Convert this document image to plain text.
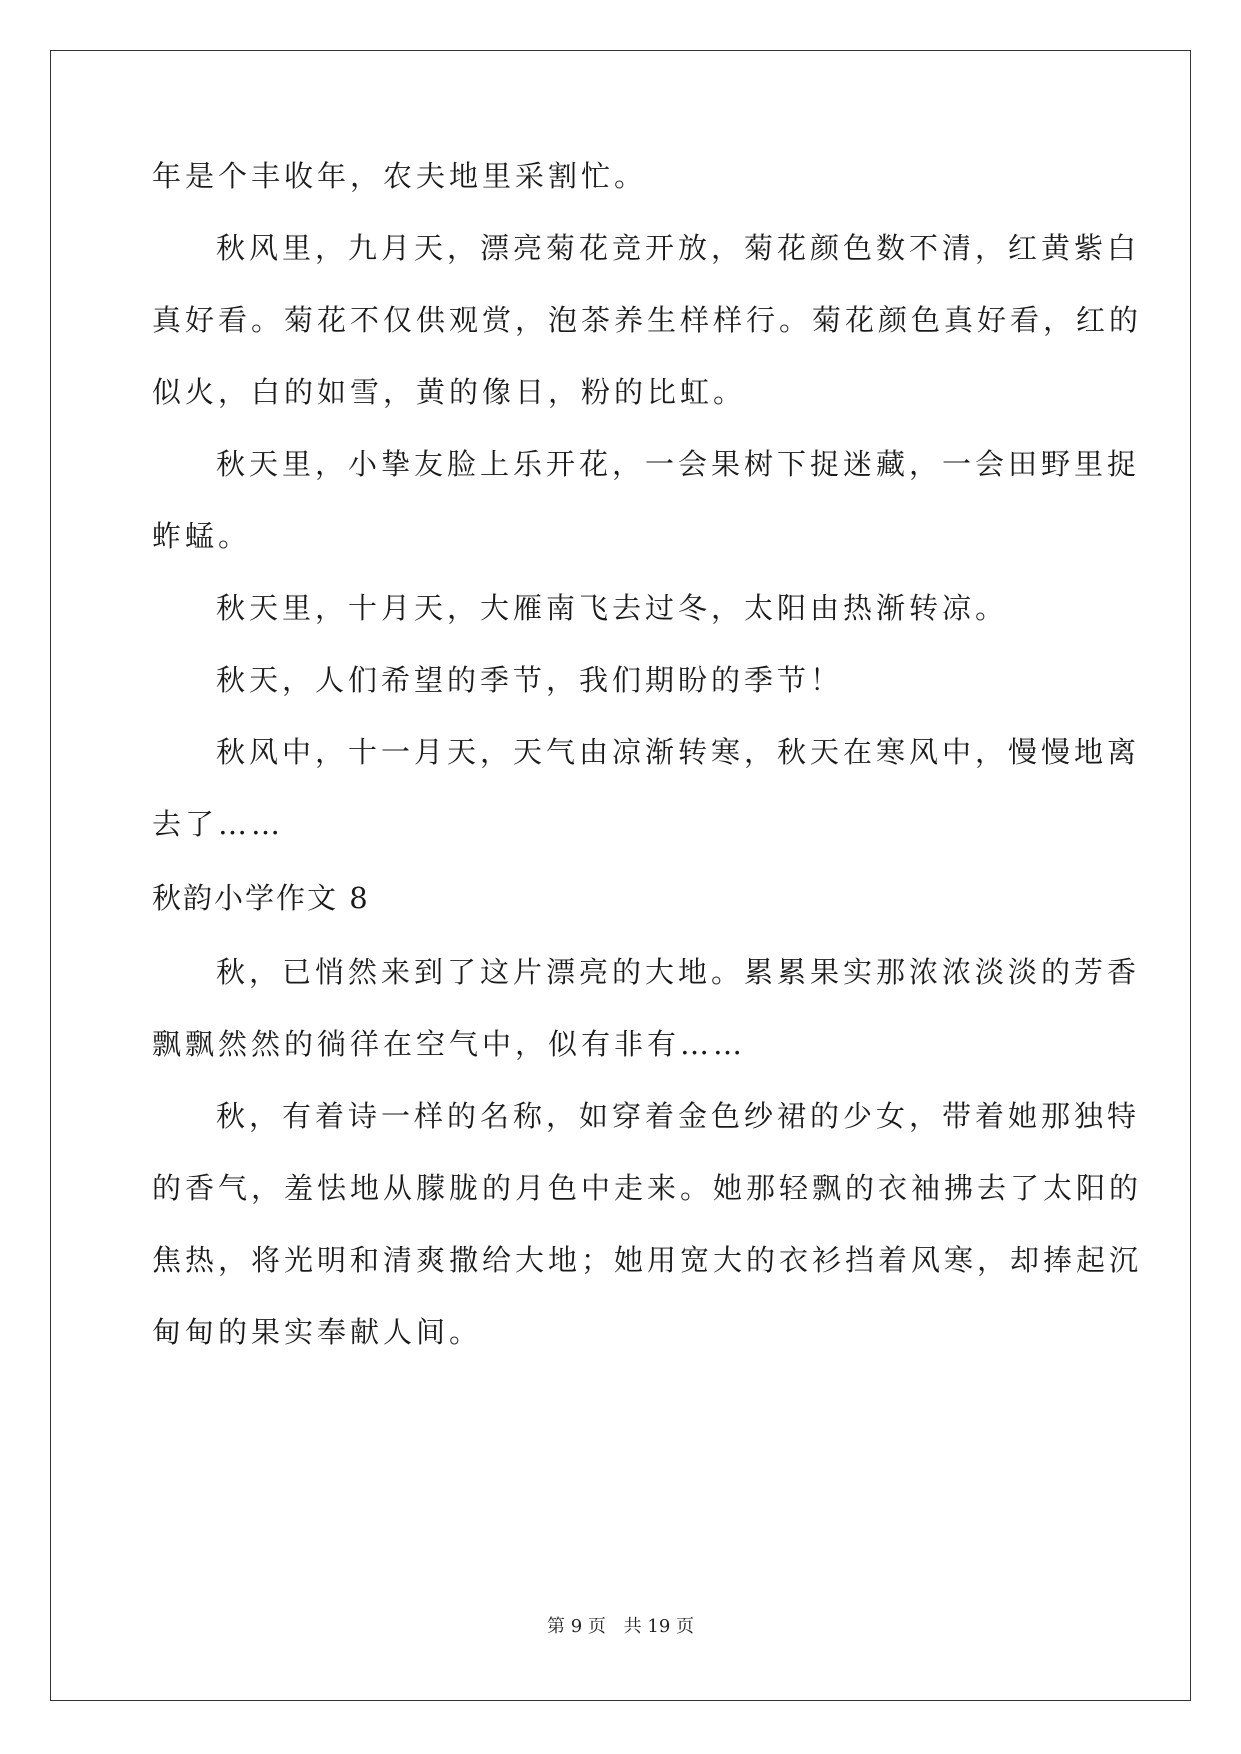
年是个丰收年，农夫地里采割忙。
秋风里，九月天，漂亮菊花竞开放，菊花颜色数不清，红黄紫白
真好看。菊花不仅供观赏，泡茶养生样样行。菊花颜色真好看，红的
似火，白的如雪，黄的像日，粉的比虹。
秋天里，小挚友脸上乐开花，一会果树下捉迷藏，一会田野里捉
蚱蜢。
秋天里，十月天，大雁南飞去过冬，太阳由热渐转凉。
秋天，人们希望的季节，我们期盼的季节！
秋风中，十一月天，天气由凉渐转寒，秋天在寒风中，慢慢地离
去了……
秋韵小学作文 8
秋，已悄然来到了这片漂亮的大地。累累果实那浓浓淡淡的芳香
飘飘然然的徜徉在空气中，似有非有……
秋，有着诗一样的名称，如穿着金色纱裙的少女，带着她那独特
的香气，羞怯地从朦胧的月色中走来。她那轻飘的衣袖拂去了太阳的
焦热，将光明和清爽撒给大地；她用宽大的衣衫挡着风寒，却捧起沉
甸甸的果实奉献人间。
第 9 页 共 19 页
